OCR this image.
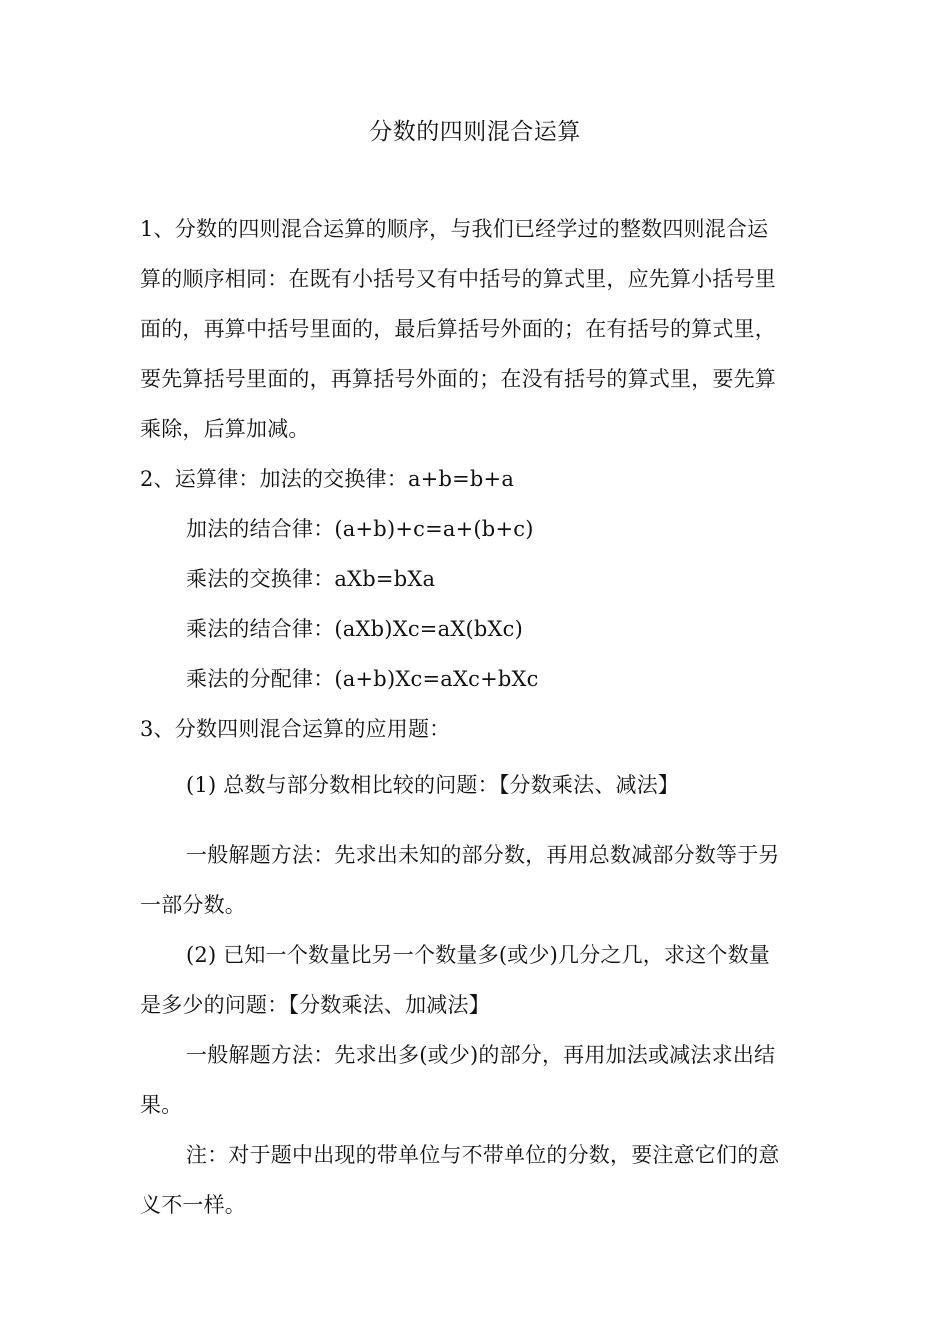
分数的四则混合运算
1、分数的四则混合运算的顺序，与我们已经学过的整数四则混合运
算的顺序相同：在既有小括号又有中括号的算式里，应先算小括号里
面的，再算中括号里面的，最后算括号外面的；在有括号的算式里，
要先算括号里面的，再算括号外面的；在没有括号的算式里，要先算
乘除，后算加减。
2、运算律：加法的交换律：a+b=b+a
加法的结合律：(a+b)+c=a+(b+c)
乘法的交换律：aΧb=bΧa
乘法的结合律：(aΧb)Χc=aΧ(bΧc)
乘法的分配律：(a+b)Χc=aΧc+bΧc
3、分数四则混合运算的应用题：
(1) 总数与部分数相比较的问题：【分数乘法、减法】
一般解题方法：先求出未知的部分数，再用总数减部分数等于另
一部分数。
(2) 已知一个数量比另一个数量多(或少)几分之几，求这个数量
是多少的问题：【分数乘法、加减法】
一般解题方法：先求出多(或少)的部分，再用加法或减法求出结
果。
注：对于题中出现的带单位与不带单位的分数，要注意它们的意
义不一样。
